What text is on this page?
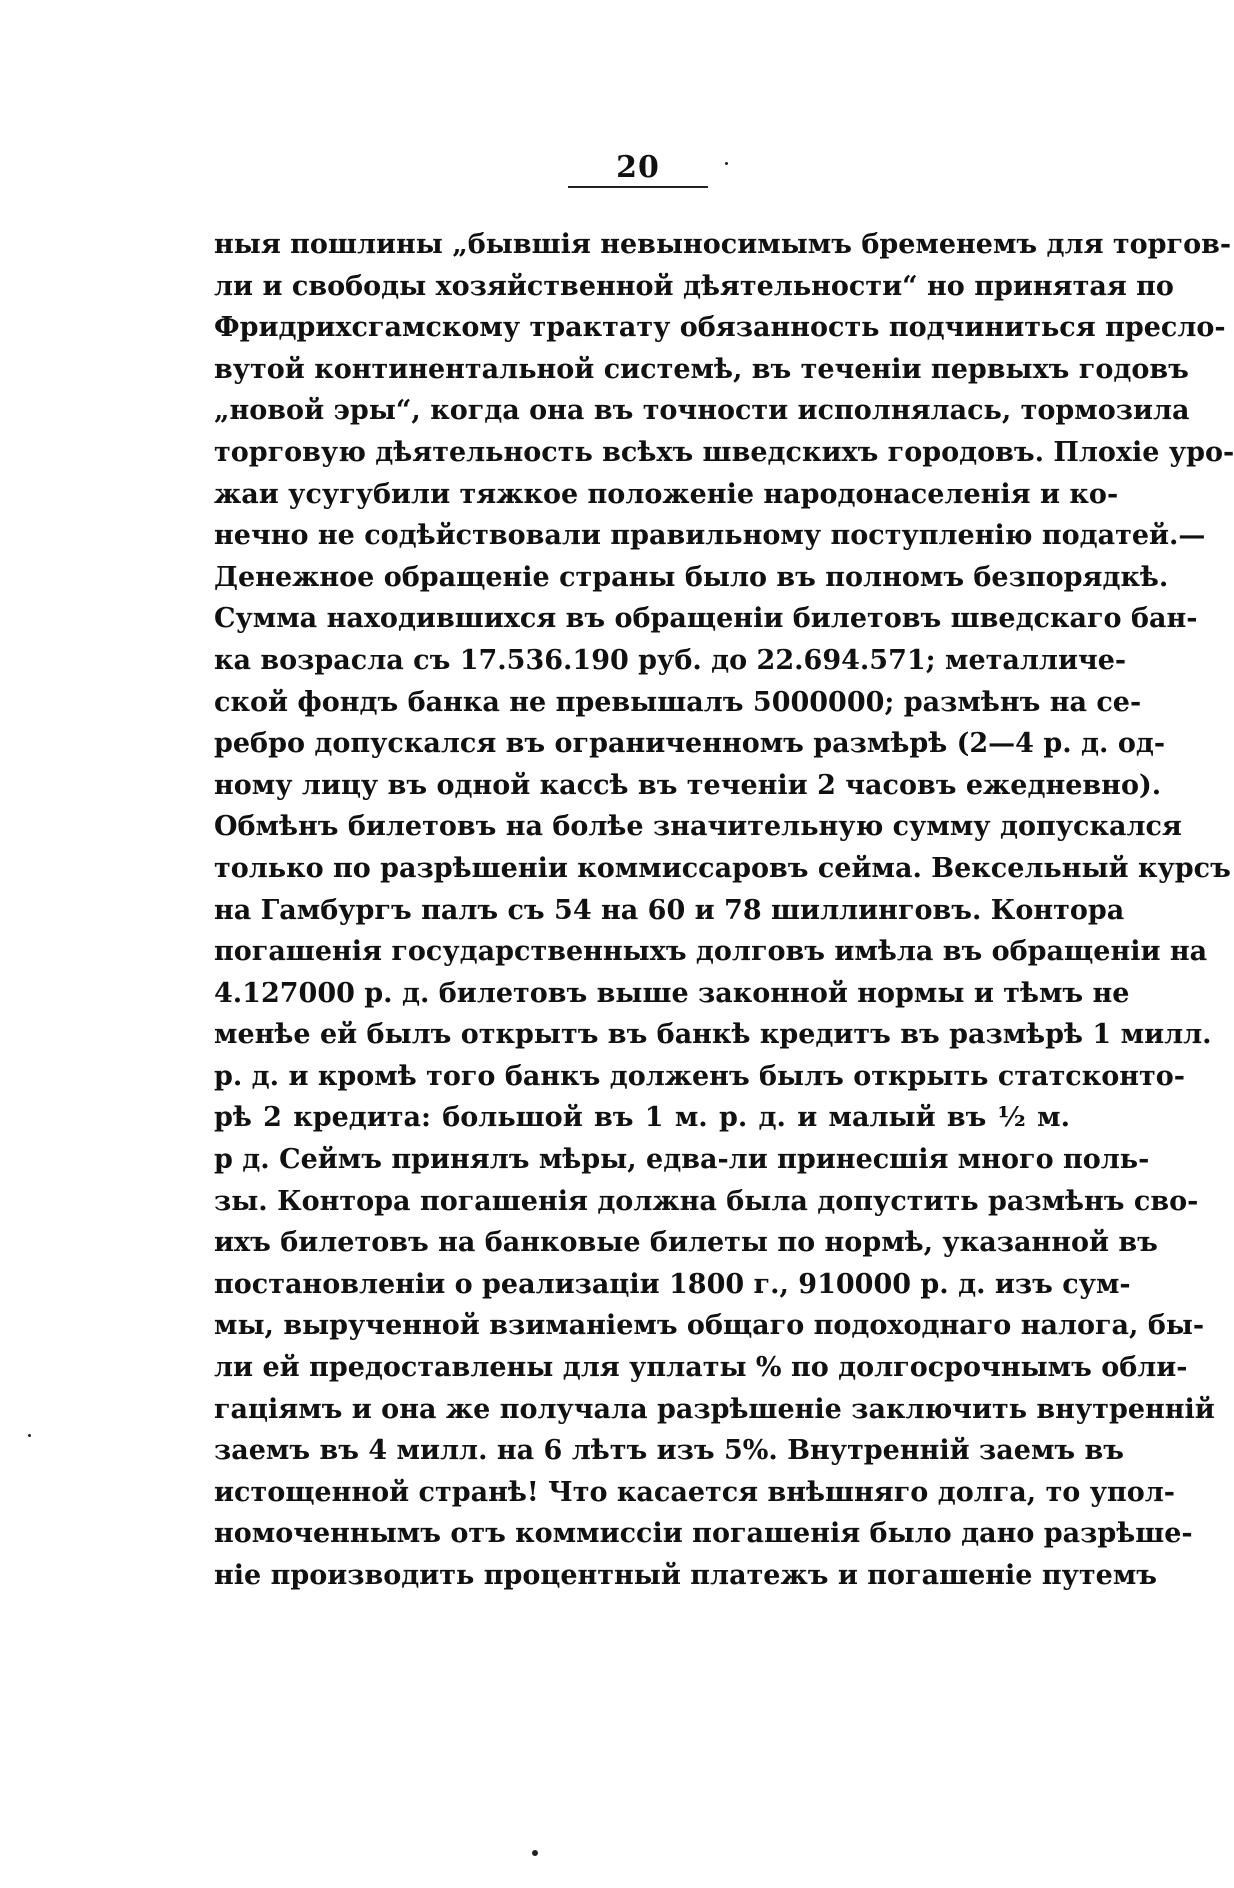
20
ныя пошлины „бывшія невыносимымъ бременемъ для торгов-
ли и свободы хозяйственной дѣятельности“ но принятая по
Фридрихсгамскому трактату обязанность подчиниться преслo-
вутой континентальной системѣ, въ теченіи первыхъ годовъ
„новой эры“, когда она въ точности исполнялась, тормозила
торговую дѣятельность всѣхъ шведскихъ городовъ. Плохіе уро-
жаи усугубили тяжкое положеніе народонаселенія и ко-
нечно не содѣйствовали правильному поступленію податей.—
Денежное обращеніе страны было въ полномъ безпорядкѣ.
Сумма находившихся въ обращеніи билетовъ шведскаго бан-
ка возрасла съ 17.536.190 руб. до 22.694.571; металличе-
ской фондъ банка не превышалъ 5000000; размѣнъ на се-
ребро допускался въ ограниченномъ размѣрѣ (2—4 р. д. од-
ному лицу въ одной кассѣ въ теченіи 2 часовъ ежедневно).
Обмѣнъ билетовъ на болѣе значительную сумму допускался
только по разрѣшеніи коммиссаровъ сейма. Вексельный курсъ
на Гамбургъ палъ съ 54 на 60 и 78 шиллинговъ. Контора
погашенія государственныхъ долговъ имѣла въ обращеніи на
4.127000 р. д. билетовъ выше законной нормы и тѣмъ не
менѣе ей былъ открытъ въ банкѣ кредитъ въ размѣрѣ 1 милл.
р. д. и кромѣ того банкъ долженъ былъ открыть статсконто-
рѣ 2 кредита: большой въ 1 м. р. д. и малый въ ½ м.
р д. Сеймъ принялъ мѣры, едва-ли принесшія много поль-
зы. Контора погашенія должна была допустить размѣнъ сво-
ихъ билетовъ на банковые билеты по нормѣ, указанной въ
постановленіи о реализаціи 1800 г., 910000 р. д. изъ сум-
мы, вырученной взиманіемъ общаго подоходнаго налога, бы-
ли ей предоставлены для уплаты % по долгосрочнымъ обли-
гаціямъ и она же получала разрѣшеніе заключить внутренній
заемъ въ 4 милл. на 6 лѣтъ изъ 5%. Внутренній заемъ въ
истощенной странѣ! Что касается внѣшняго долга, то упол-
номоченнымъ отъ коммиссіи погашенія было дано разрѣше-
ніе производить процентный платежъ и погашеніе путемъ
